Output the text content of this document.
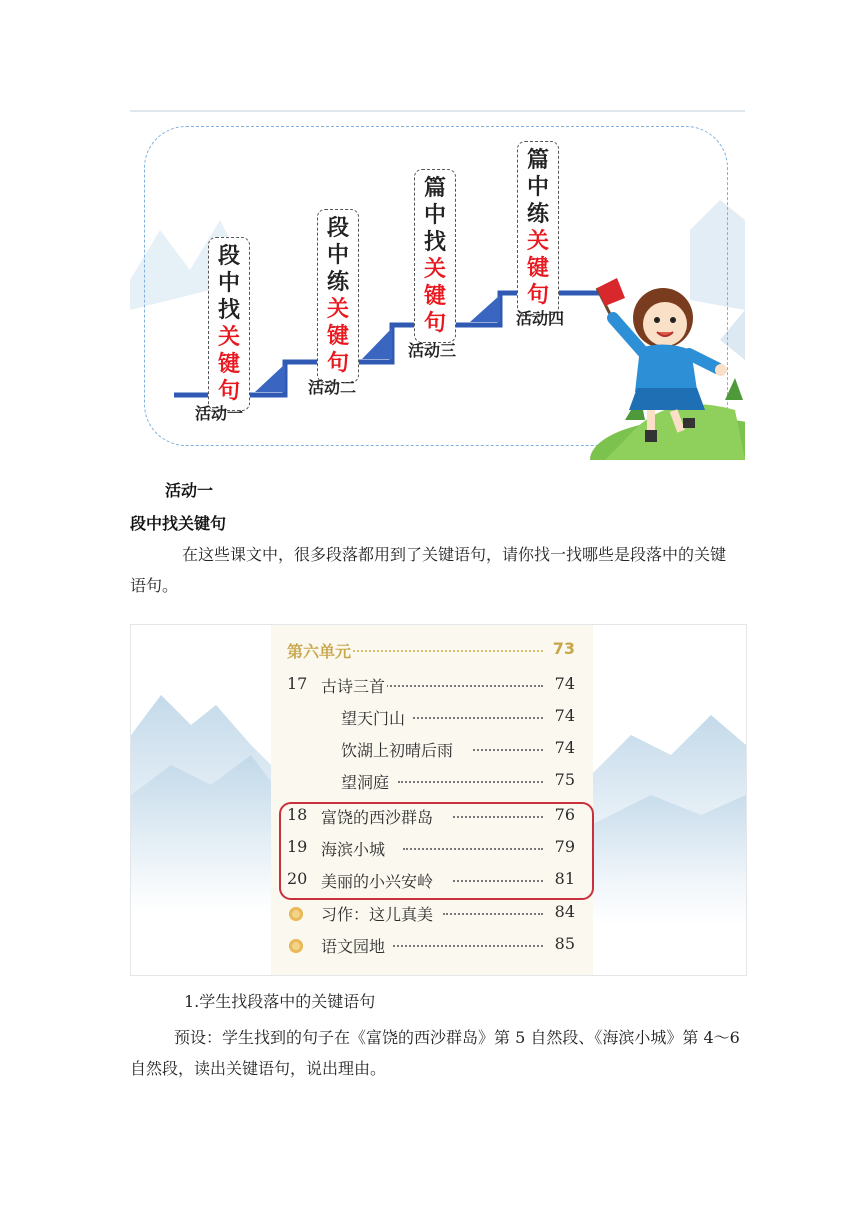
段
中
找
关
键
句
段
中
练
关
键
句
篇
中
找
关
键
句
篇
中
练
关
键
句
活动一
活动二
活动三
活动四
活动一
段中找关键句
在这些课文中，很多段落都用到了关键语句，请你找一找哪些是段落中的关键语句。
第六单元	73
17 古诗三首	74
望天门山	74
饮湖上初晴后雨	74
望洞庭	75
18 富饶的西沙群岛	76
19 海滨小城	79
20 美丽的小兴安岭	81
习作：这儿真美	84
语文园地	85
1.学生找段落中的关键语句
预设：学生找到的句子在《富饶的西沙群岛》第 5 自然段、《海滨小城》第 4～6 自然段，读出关键语句，说出理由。
